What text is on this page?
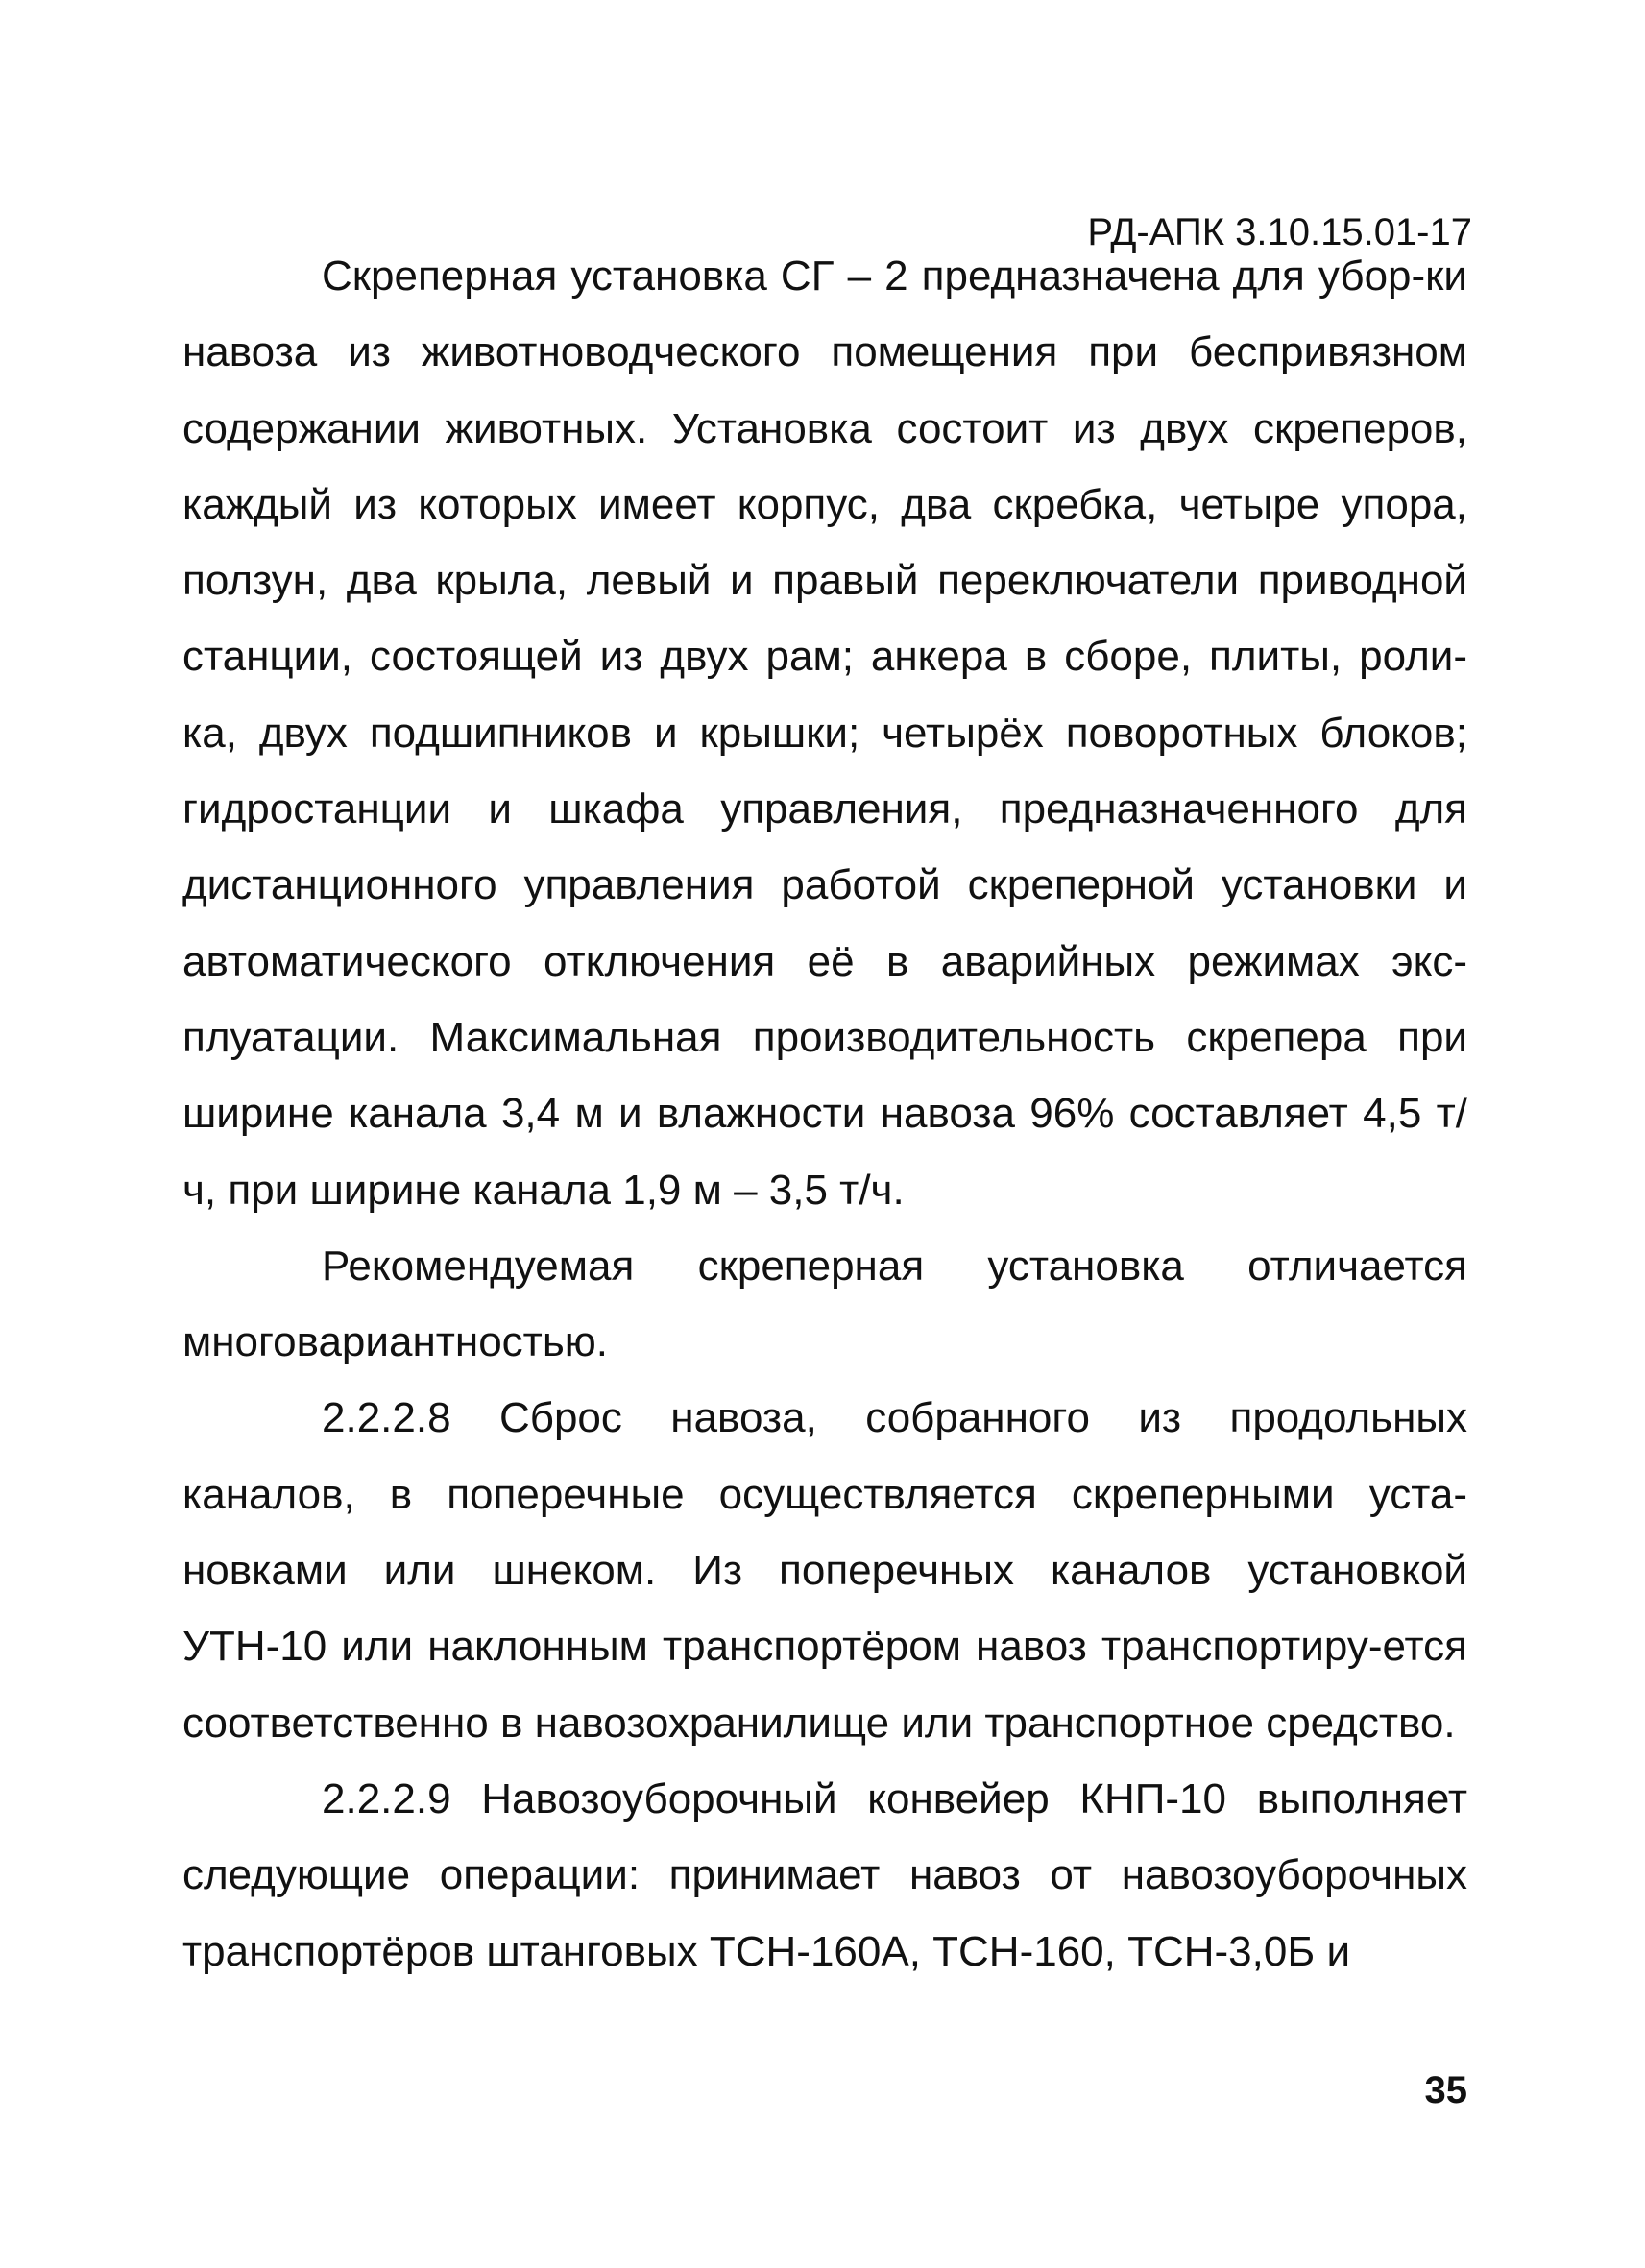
РД-АПК 3.10.15.01-17

Скреперная установка СГ – 2 предназначена для убор-ки навоза из животноводческого помещения при беспривязном содержании животных. Установка состоит из двух скреперов, каждый из которых имеет корпус, два скребка, четыре упора, ползун, два крыла, левый и правый переключатели приводной станции, состоящей из двух рам; анкера в сборе, плиты, роли-ка, двух подшипников и крышки; четырёх поворотных блоков; гидростанции и шкафа управления, предназначенного для дистанционного управления работой скреперной установки и автоматического отключения её в аварийных режимах экс-плуатации. Максимальная производительность скрепера при ширине канала 3,4 м и влажности навоза 96% составляет 4,5 т/ч, при ширине канала 1,9 м – 3,5 т/ч.

Рекомендуемая скреперная установка отличается многовариантностью.

2.2.2.8 Сброс навоза, собранного из продольных каналов, в поперечные осуществляется скреперными уста-новками или шнеком. Из поперечных каналов установкой УТН-10 или наклонным транспортёром навоз транспортиру-ется соответственно в навозохранилище или транспортное средство.

2.2.2.9 Навозоуборочный конвейер КНП-10 выполняет следующие операции: принимает навоз от навозоуборочных транспортёров штанговых ТСН-160А, ТСН-160, ТСН-3,0Б и

35
